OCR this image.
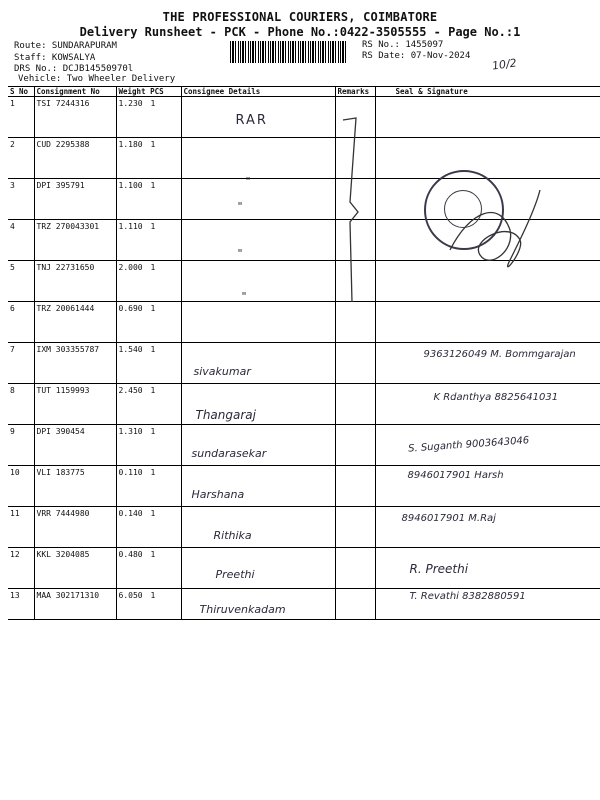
THE PROFESSIONAL COURIERS, COIMBATORE
Delivery Runsheet - PCK - Phone No.:0422-3505555 - Page No.:1
Route: SUNDARAPURAM
Staff: KOWSALYA
DRS No.: DCJB14550970l
Vehicle: Two Wheeler Delivery
RS No.: 1455097
RS Date: 07-Nov-2024
10/2
S No	Consignment No	Weight PCS	Consignee Details	Remarks	Seal & Signature
1	TSI 7244316	1.230 1	RAR		

2	CUD 2295388	1.180 1			
3	DPI 395791	1.100 1	"		

4	TRZ 270043301	1.110 1	"		

5	TNJ 22731650	2.000 1	"		

6	TRZ 20061444	0.690 1	"		

7	IXM 303355787	1.540 1	sivakumar		9363126049 M. Bommgarajan

8	TUT 1159993	2.450 1	Thangaraj		K Rdanthya 8825641031

9	DPI 390454	1.310 1	sundarasekar		S. Suganth 9003643046

10	VLI 183775	0.110 1	Harshana		8946017901 Harsh

11	VRR 7444980	0.140 1	Rithika		8946017901 M.Raj

12	KKL 3204085	0.480 1	Preethi		R. Preethi

13	MAA 302171310	6.050 1	Thiruvenkadam		T. Revathi 8382880591
